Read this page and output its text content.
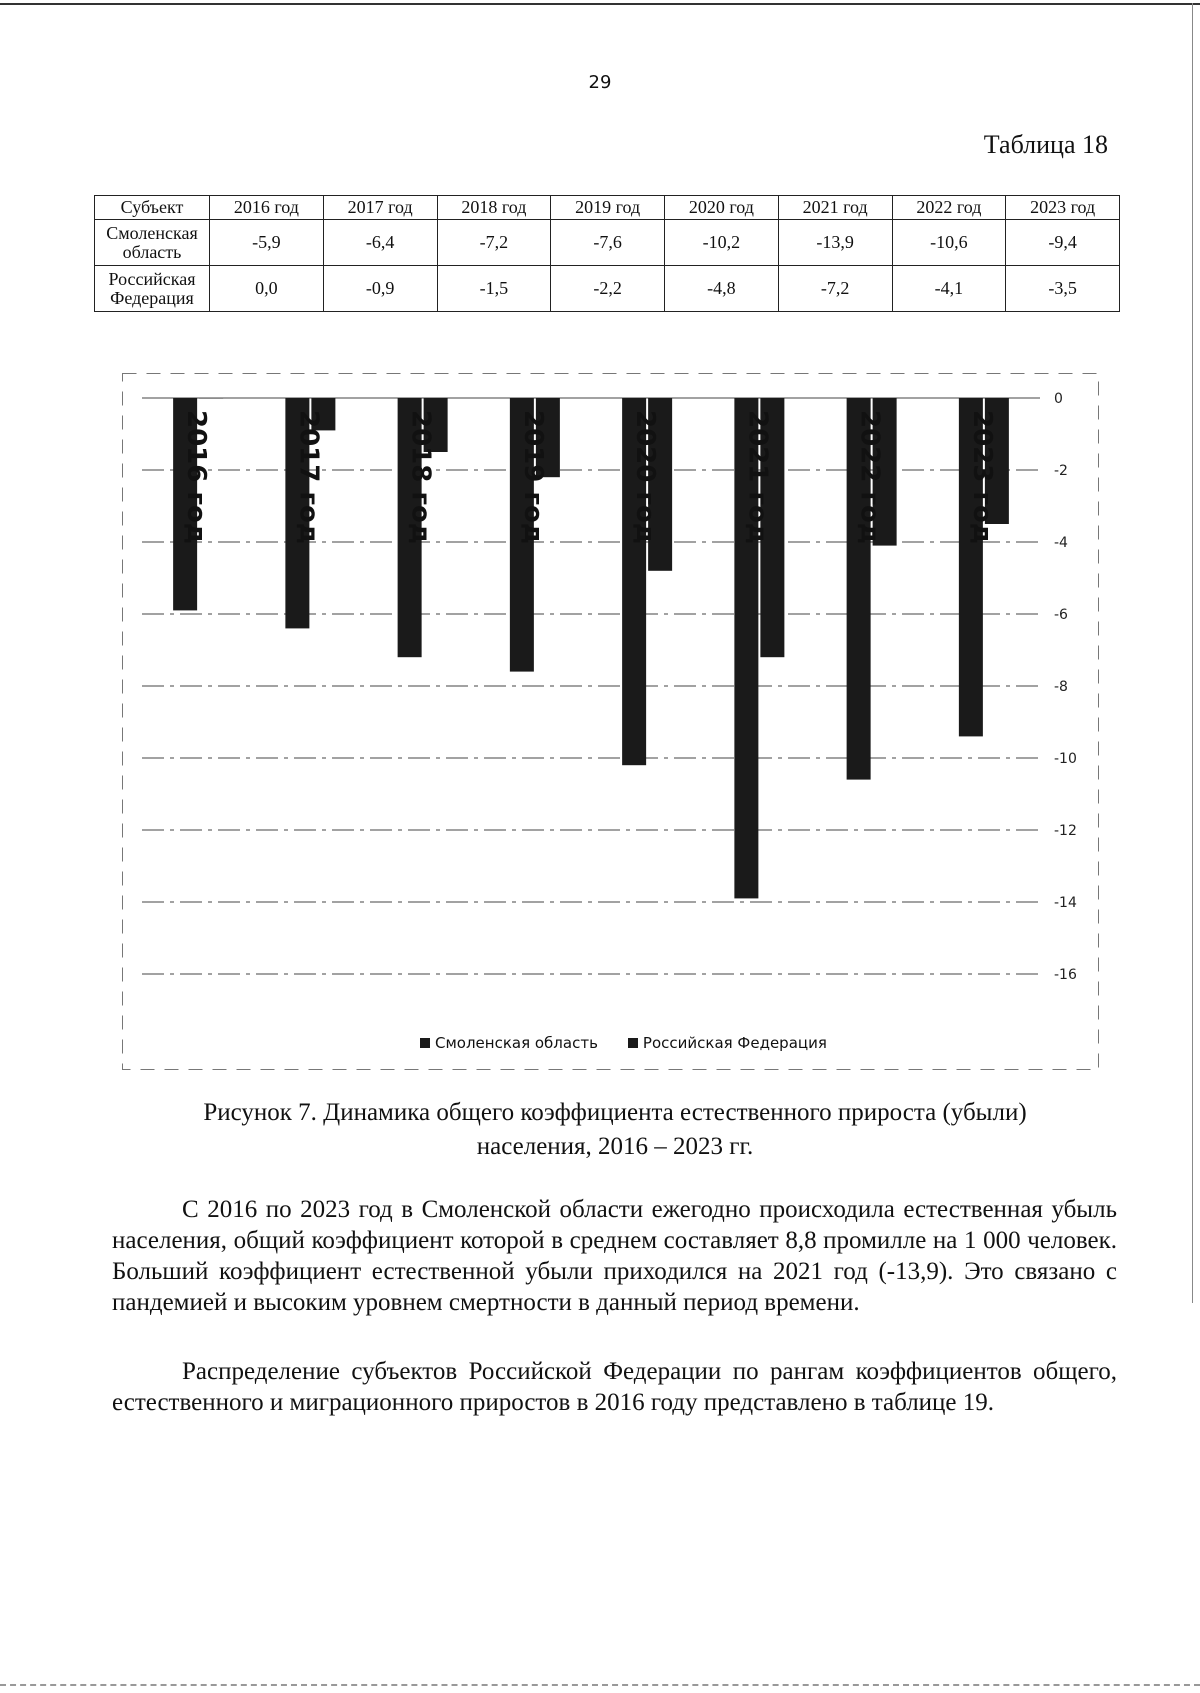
29
Таблица 18
Субъект	2016 год	2017 год	2018 год	2019 год	2020 год	2021 год	2022 год	2023 год
Смоленская область	-5,9	-6,4	-7,2	-7,6	-10,2	-13,9	-10,6	-9,4
Российская Федерация	0,0	-0,9	-1,5	-2,2	-4,8	-7,2	-4,1	-3,5
0
-2
-4
-6
-8
-10
-12
-14
-16
2016 год	2017 год	2018 год	2019 год	2020 год	2021 год	2022 год	2023 год
Смоленская область	Российская Федерация
Рисунок 7. Динамика общего коэффициента естественного прироста (убыли)
населения, 2016 – 2023 гг.

С 2016 по 2023 год в Смоленской области ежегодно происходила естественная убыль населения, общий коэффициент которой в среднем составляет 8,8 промилле на 1 000 человек. Больший коэффициент естественной убыли приходился на 2021 год (-13,9). Это связано с пандемией и высоким уровнем смертности в данный период времени.

Распределение субъектов Российской Федерации по рангам коэффициентов общего, естественного и миграционного приростов в 2016 году представлено в таблице 19.
